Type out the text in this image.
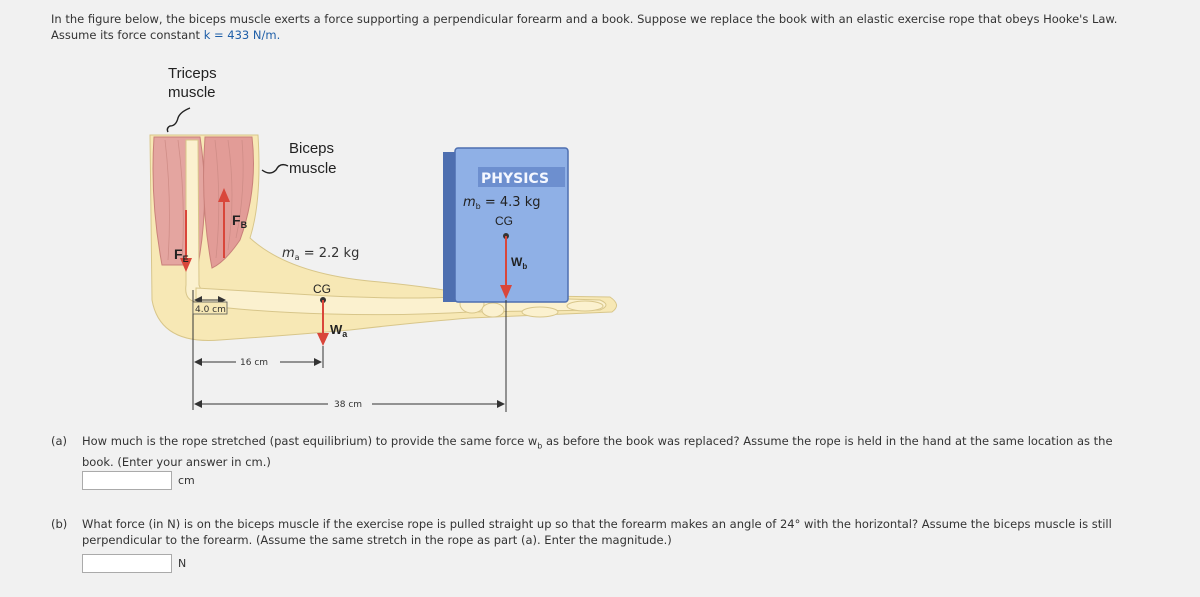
In the figure below, the biceps muscle exerts a force supporting a perpendicular forearm and a book. Suppose we replace the book with an elastic exercise rope that obeys Hooke's Law.
Assume its force constant k = 433 N/m.
Triceps
muscle
Biceps
muscle
$F_E$
$F_B$
$m_a = 2.2$ kg
CG
$W_a$
PHYSICS
$m_b = 4.3$ kg
CG
$W_b$
4.0 cm
16 cm
38 cm
(a) How much is the rope stretched (past equilibrium) to provide the same force $w_b$ as before the book was replaced? Assume the rope is held in the hand at the same location as the
book. (Enter your answer in cm.)
cm
(b) What force (in N) is on the biceps muscle if the exercise rope is pulled straight up so that the forearm makes an angle of 24° with the horizontal? Assume the biceps muscle is still
perpendicular to the forearm. (Assume the same stretch in the rope as part (a). Enter the magnitude.)
N
